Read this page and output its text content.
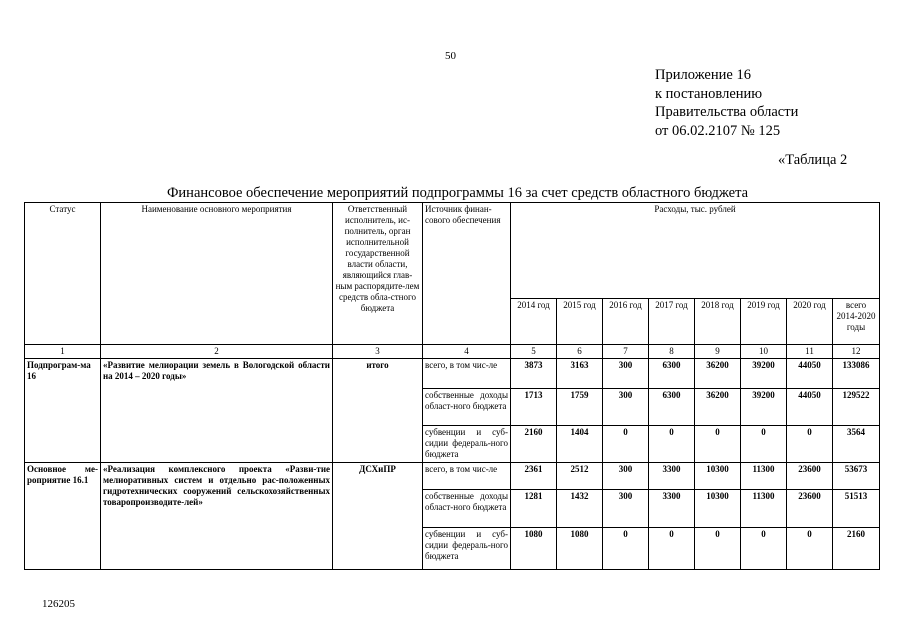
50
Приложение 16
к постановлению
Правительства области
от 06.02.2107 № 125
«Таблица 2
Финансовое обеспечение мероприятий подпрограммы 16 за счет средств областного бюджета
Статус	Наименование основного мероприятия	Ответственный исполнитель, ис-полнитель, орган исполнительной государственной власти области, являющийся глав-ным распорядите-лем средств обла-стного бюджета	Источник финан-сового обеспечения	Расходы, тыс. рублей							
				2014 год	2015 год	2016 год	2017 год	2018 год	2019 год	2020 год	всего 2014-2020 годы
1	2	3	4	5	6	7	8	9	10	11	12
Подпрограм-ма 16	«Развитие мелиорации земель в Вологодской области на 2014 – 2020 годы»	итого	всего, в том чис-ле	3873	3163	300	6300	36200	39200	44050	133086
			собственные доходы област-ного бюджета	1713	1759	300	6300	36200	39200	44050	129522
			субвенции и суб-сидии федераль-ного бюджета	2160	1404	0	0	0	0	0	3564
Основное ме-роприятие 16.1	«Реализация комплексного проекта «Разви-тие мелиоративных систем и отдельно рас-положенных гидротехнических сооружений сельскохозяйственных товаропроизводите-лей»	ДСХиПР	всего, в том чис-ле	2361	2512	300	3300	10300	11300	23600	53673
			собственные доходы област-ного бюджета	1281	1432	300	3300	10300	11300	23600	51513
			субвенции и суб-сидии федераль-ного бюджета	1080	1080	0	0	0	0	0	2160
126205
